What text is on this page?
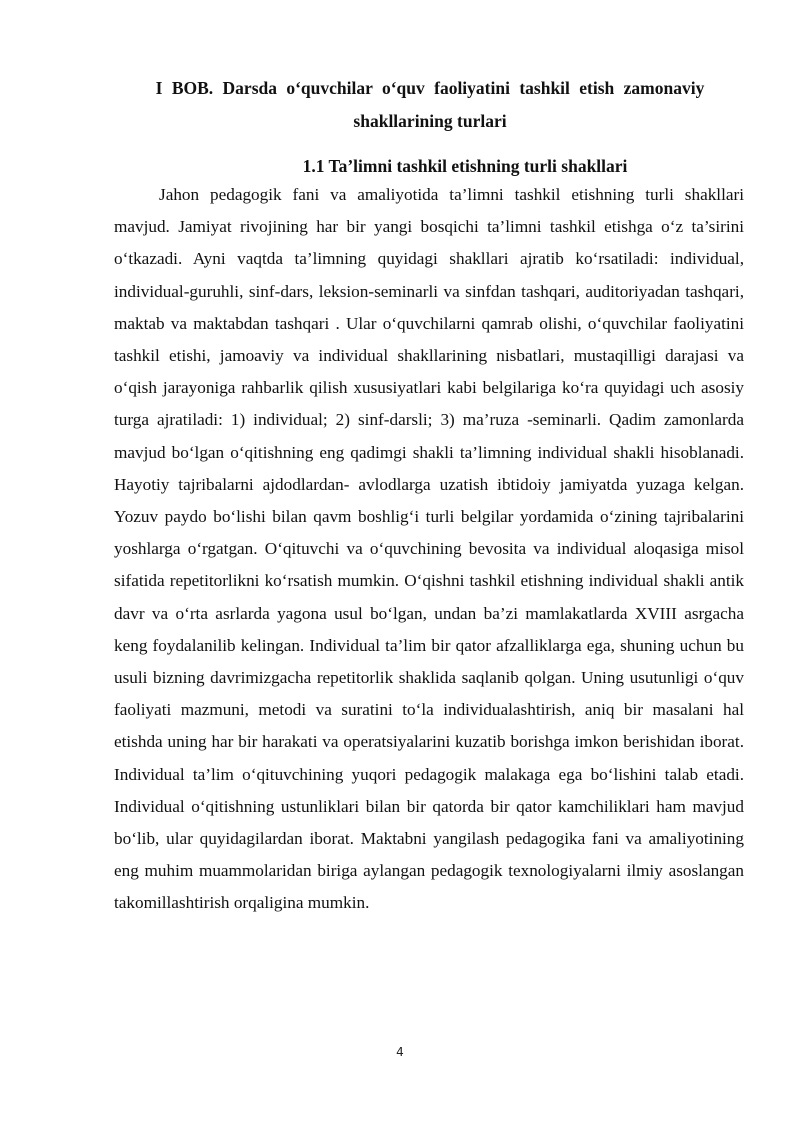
I BOB. Darsda oʻquvchilar oʻquv faoliyatini tashkil etish zamonaviy
shakllarining turlari
1.1 Ta’limni tashkil etishning turli shakllari

Jahon pedagogik fani va amaliyotida ta’limni tashkil etishning turli shakllari mavjud. Jamiyat rivojining har bir yangi bosqichi ta’limni tashkil etishga oʻz ta’sirini oʻtkazadi. Ayni vaqtda ta’limning quyidagi shakllari ajratib koʻrsatiladi: individual, individual-guruhli, sinf-dars, leksion-seminarli va sinfdan tashqari, auditoriyadan tashqari, maktab va maktabdan tashqari . Ular oʻquvchilarni qamrab olishi, oʻquvchilar faoliyatini tashkil etishi, jamoaviy va individual shakllarining nisbatlari, mustaqilligi darajasi va oʻqish jarayoniga rahbarlik qilish xususiyatlari kabi belgilariga koʻra quyidagi uch asosiy turga ajratiladi: 1) individual; 2) sinf-darsli; 3) ma’ruza -seminarli. Qadim zamonlarda mavjud boʻlgan oʻqitishning eng qadimgi shakli ta’limning individual shakli hisoblanadi. Hayotiy tajribalarni ajdodlardan- avlodlarga uzatish ibtidoiy jamiyatda yuzaga kelgan. Yozuv paydo boʻlishi bilan qavm boshligʻi turli belgilar yordamida oʻzining tajribalarini yoshlarga oʻrgatgan. Oʻqituvchi va oʻquvchining bevosita va individual aloqasiga misol sifatida repetitorlikni koʻrsatish mumkin. Oʻqishni tashkil etishning individual shakli antik davr va oʻrta asrlarda yagona usul boʻlgan, undan ba’zi mamlakatlarda XVIII asrgacha keng foydalanilib kelingan. Individual ta’lim bir qator afzalliklarga ega, shuning uchun bu usuli bizning davrimizgacha repetitorlik shaklida saqlanib qolgan. Uning usutunligi oʻquv faoliyati mazmuni, metodi va suratini toʻla individualashtirish, aniq bir masalani hal etishda uning har bir harakati va operatsiyalarini kuzatib borishga imkon berishidan iborat. Individual ta’lim oʻqituvchining yuqori pedagogik malakaga ega boʻlishini talab etadi. Individual oʻqitishning ustunliklari bilan bir qatorda bir qator kamchiliklari ham mavjud boʻlib, ular quyidagilardan iborat. Maktabni yangilash pedagogika fani va amaliyotining eng muhim muammolaridan biriga aylangan pedagogik texnologiyalarni ilmiy asoslangan takomillashtirish orqaligina mumkin.

4
